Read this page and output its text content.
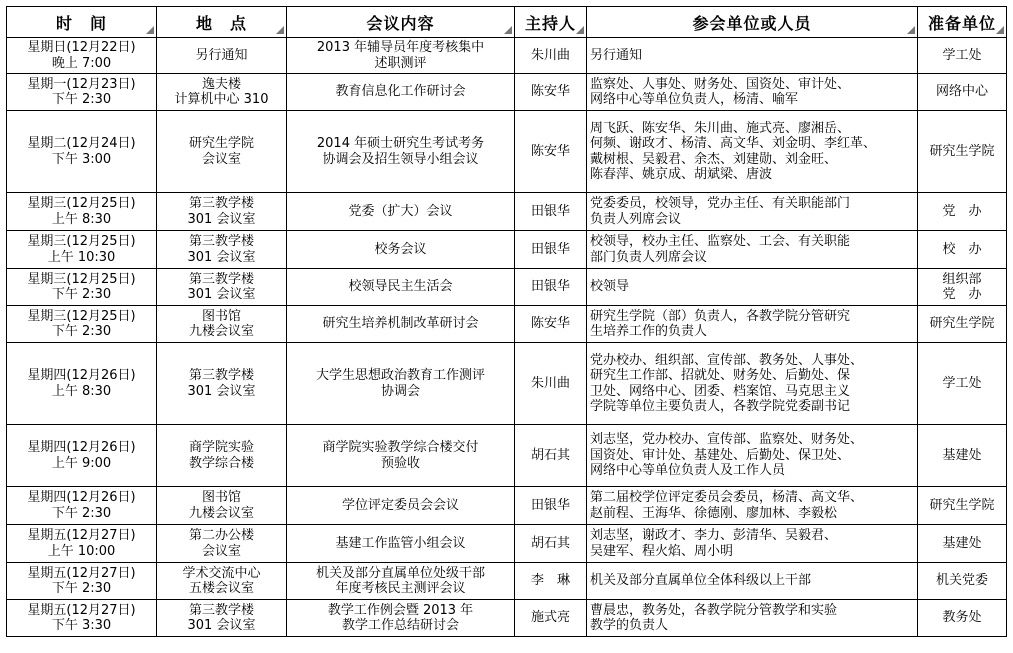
时　间	地　点	会议内容	主持人	参会单位或人员	准备单位

星期日(12月22日)
晚上 7:00	另行通知	2013 年辅导员年度考核集中
述职测评	朱川曲	另行通知	学工处

星期一(12月23日)
下午 2:30	逸夫楼
计算机中心 310	教育信息化工作研讨会	陈安华	监察处、人事处、财务处、国资处、审计处、
网络中心等单位负责人，杨清、喻军	网络中心

星期二(12月24日)
下午 3:00	研究生学院
会议室	2014 年硕士研究生考试考务
协调会及招生领导小组会议	陈安华	周飞跃、陈安华、朱川曲、施式亮、廖湘岳、
何频、谢政才、杨清、高文华、刘金明、李红革、
戴树根、吴毅君、余杰、刘建勋、刘金旺、
陈春萍、姚京成、胡斌梁、唐波	研究生学院

星期三(12月25日)
上午 8:30	第三教学楼
301 会议室	党委（扩大）会议	田银华	党委委员，校领导，党办主任、有关职能部门
负责人列席会议	党　办

星期三(12月25日)
上午 10:30	第三教学楼
301 会议室	校务会议	田银华	校领导，校办主任、监察处、工会、有关职能
部门负责人列席会议	校　办

星期三(12月25日)
下午 2:30	第三教学楼
301 会议室	校领导民主生活会	田银华	校领导	组织部
党　办

星期三(12月25日)
下午 2:30	图书馆
九楼会议室	研究生培养机制改革研讨会	陈安华	研究生学院（部）负责人，各教学院分管研究
生培养工作的负责人	研究生学院

星期四(12月26日)
上午 8:30	第三教学楼
301 会议室	大学生思想政治教育工作测评
协调会	朱川曲	党办校办、组织部、宣传部、教务处、人事处、
研究生工作部、招就处、财务处、后勤处、保
卫处、网络中心、团委、档案馆、马克思主义
学院等单位主要负责人，各教学院党委副书记	学工处

星期四(12月26日)
上午 9:00	商学院实验
教学综合楼	商学院实验教学综合楼交付
预验收	胡石其	刘志坚，党办校办、宣传部、监察处、财务处、
国资处、审计处、基建处、后勤处、保卫处、
网络中心等单位负责人及工作人员	基建处

星期四(12月26日)
下午 2:30	图书馆
九楼会议室	学位评定委员会会议	田银华	第二届校学位评定委员会委员，杨清、高文华、
赵前程、王海华、徐德刚、廖加林、李毅松	研究生学院

星期五(12月27日)
上午 10:00	第二办公楼
会议室	基建工作监管小组会议	胡石其	刘志坚，谢政才、李力、彭清华、吴毅君、
吴建军、程火焰、周小明	基建处

星期五(12月27日)
下午 2:30	学术交流中心
五楼会议室	机关及部分直属单位处级干部
年度考核民主测评会议	李　琳	机关及部分直属单位全体科级以上干部	机关党委

星期五(12月27日)
下午 3:30	第三教学楼
301 会议室	教学工作例会暨 2013 年
教学工作总结研讨会	施式亮	曹晨忠，教务处，各教学院分管教学和实验
教学的负责人	教务处
